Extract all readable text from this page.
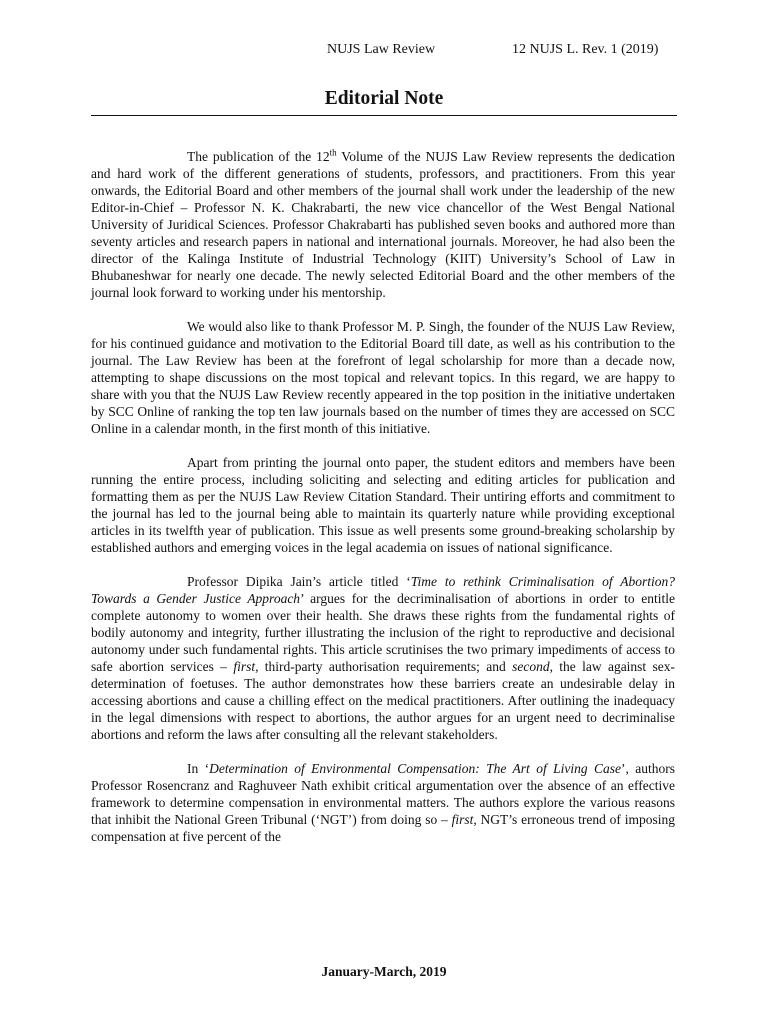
NUJS Law Review	12 NUJS L. Rev. 1 (2019)
Editorial Note

The publication of the 12th Volume of the NUJS Law Review represents the dedication and hard work of the different generations of students, professors, and practitioners. From this year onwards, the Editorial Board and other members of the journal shall work under the leadership of the new Editor-in-Chief – Professor N. K. Chakrabarti, the new vice chancellor of the West Bengal National University of Juridical Sciences. Professor Chakrabarti has published seven books and authored more than seventy articles and research papers in national and international journals. Moreover, he had also been the director of the Kalinga Institute of Industrial Technology (KIIT) University’s School of Law in Bhubaneshwar for nearly one decade. The newly selected Editorial Board and the other members of the journal look forward to working under his mentorship.

We would also like to thank Professor M. P. Singh, the founder of the NUJS Law Review, for his continued guidance and motivation to the Editorial Board till date, as well as his contribution to the journal. The Law Review has been at the forefront of legal scholarship for more than a decade now, attempting to shape discussions on the most topical and relevant topics. In this regard, we are happy to share with you that the NUJS Law Review recently appeared in the top position in the initiative undertaken by SCC Online of ranking the top ten law journals based on the number of times they are accessed on SCC Online in a calendar month, in the first month of this initiative.

Apart from printing the journal onto paper, the student editors and members have been running the entire process, including soliciting and selecting and editing articles for publication and formatting them as per the NUJS Law Review Citation Standard. Their untiring efforts and commitment to the journal has led to the journal being able to maintain its quarterly nature while providing exceptional articles in its twelfth year of publication. This issue as well presents some ground-breaking scholarship by established authors and emerging voices in the legal academia on issues of national significance.

Professor Dipika Jain’s article titled ‘Time to rethink Criminalisation of Abortion? Towards a Gender Justice Approach’ argues for the decriminalisation of abortions in order to entitle complete autonomy to women over their health. She draws these rights from the fundamental rights of bodily autonomy and integrity, further illustrating the inclusion of the right to reproductive and decisional autonomy under such fundamental rights. This article scrutinises the two primary impediments of access to safe abortion services – first, third-party authorisation requirements; and second, the law against sex-determination of foetuses. The author demonstrates how these barriers create an undesirable delay in accessing abortions and cause a chilling effect on the medical practitioners. After outlining the inadequacy in the legal dimensions with respect to abortions, the author argues for an urgent need to decriminalise abortions and reform the laws after consulting all the relevant stakeholders.

In ‘Determination of Environmental Compensation: The Art of Living Case’, authors Professor Rosencranz and Raghuveer Nath exhibit critical argumentation over the absence of an effective framework to determine compensation in environmental matters. The authors explore the various reasons that inhibit the National Green Tribunal (‘NGT’) from doing so – first, NGT’s erroneous trend of imposing compensation at five percent of the

January-March, 2019
